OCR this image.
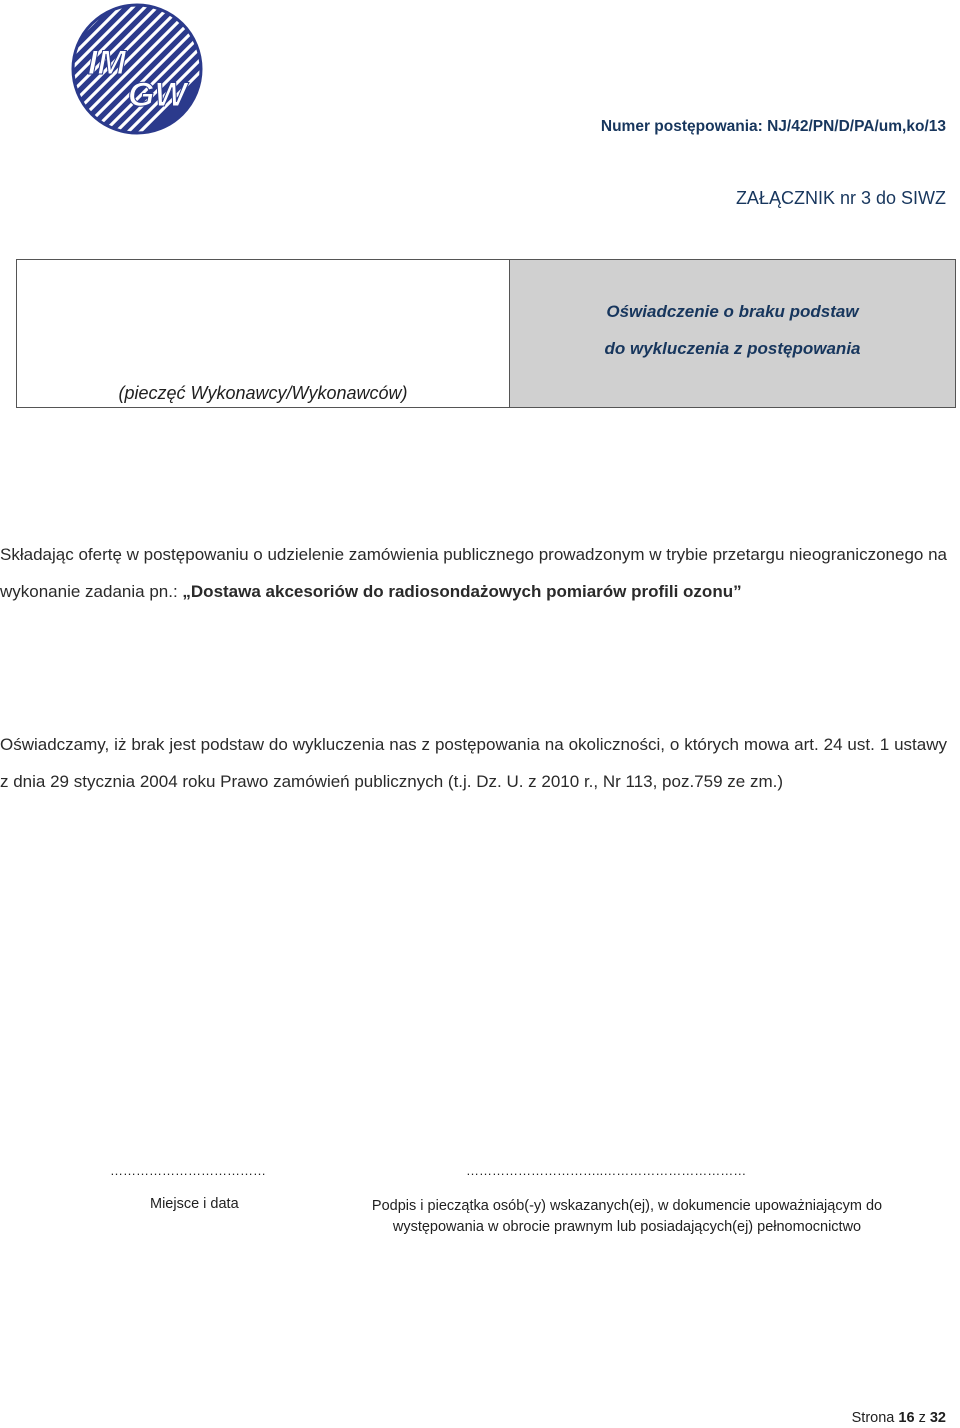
IM
GW
Numer postępowania: NJ/42/PN/D/PA/um,ko/13
ZAŁĄCZNIK nr 3 do SIWZ
(pieczęć Wykonawcy/Wykonawców)
Oświadczenie o braku podstaw
do wykluczenia z postępowania
Składając ofertę w postępowaniu o udzielenie zamówienia publicznego prowadzonym w trybie przetargu nieograniczonego na wykonanie zadania pn.: „Dostawa akcesoriów do radiosondażowych pomiarów profili ozonu”
Oświadczamy, iż brak jest podstaw do wykluczenia nas z postępowania na okoliczności, o których mowa art. 24 ust. 1 ustawy z dnia 29 stycznia 2004 roku Prawo zamówień publicznych (t.j. Dz. U. z 2010 r., Nr 113, poz.759 ze zm.)
………………………………	…………………………..……………………………
Miejsce i data	Podpis i pieczątka osób(-y) wskazanych(ej), w dokumencie upoważniającym do występowania w obrocie prawnym lub posiadających(ej) pełnomocnictwo
Strona 16 z 32
